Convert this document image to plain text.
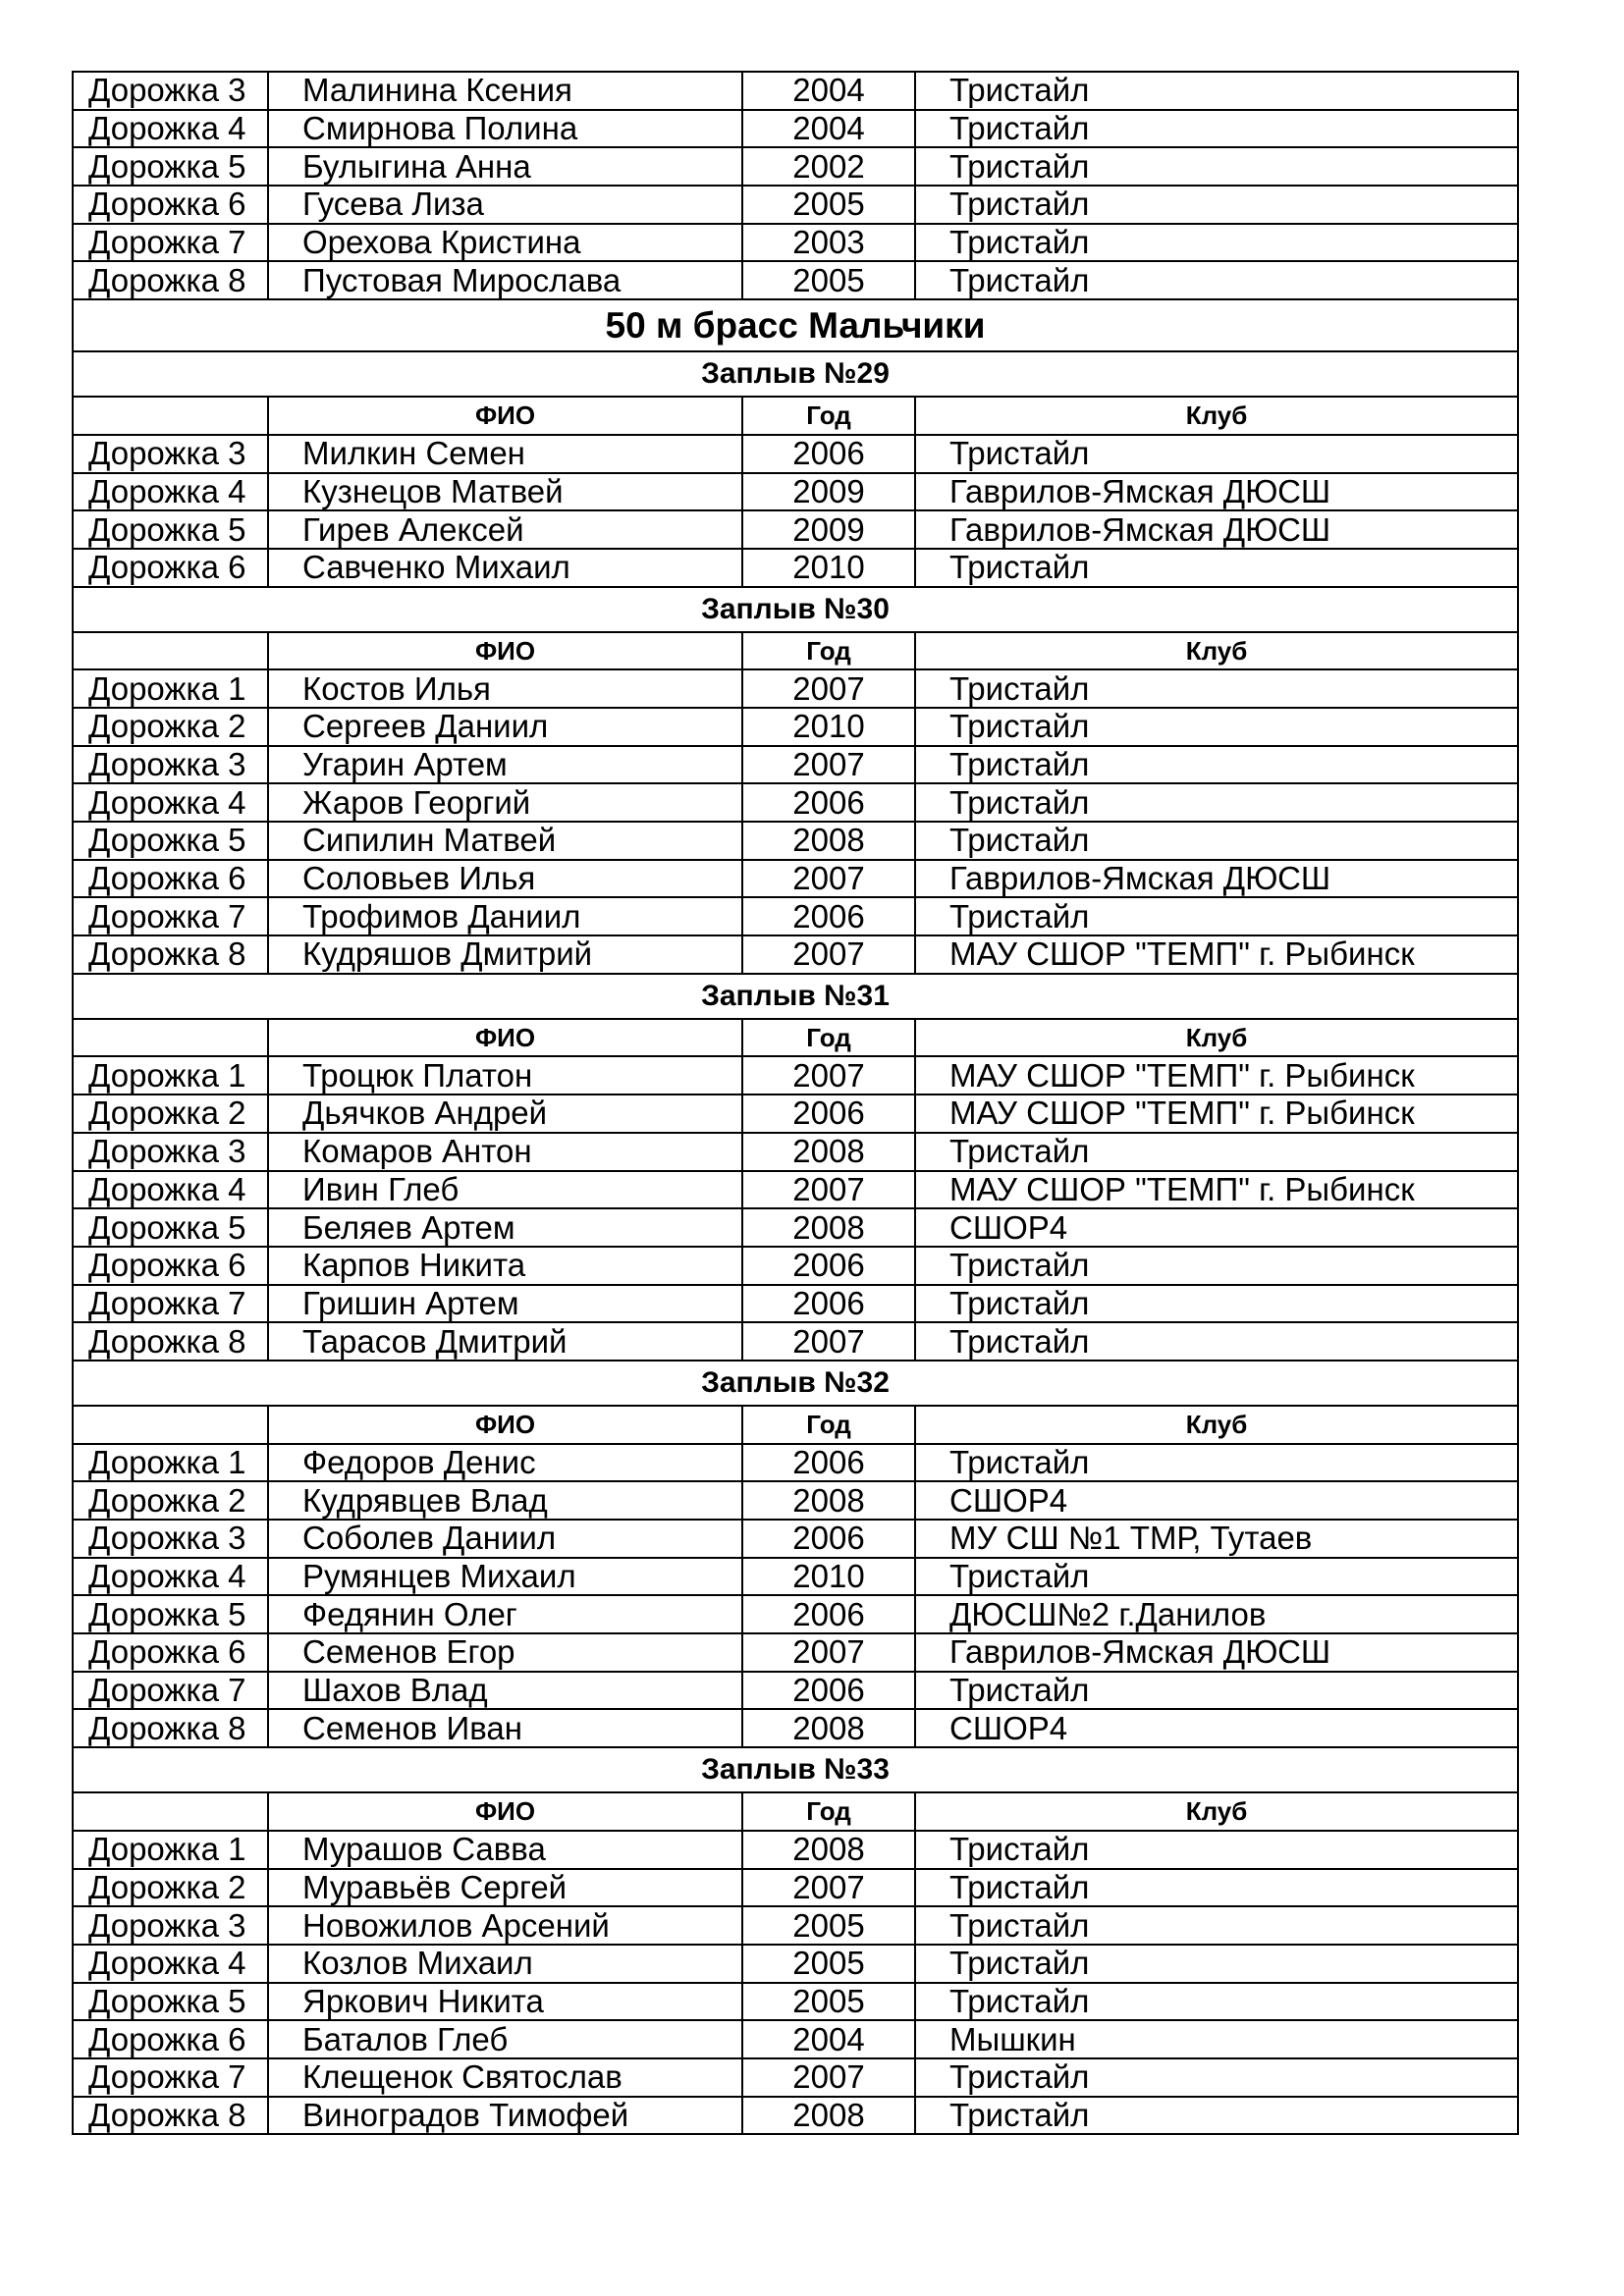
Дорожка 3	Малинина Ксения	2004	Тристайл
Дорожка 4	Смирнова Полина	2004	Тристайл
Дорожка 5	Булыгина Анна	2002	Тристайл
Дорожка 6	Гусева Лиза	2005	Тристайл
Дорожка 7	Орехова Кристина	2003	Тристайл
Дорожка 8	Пустовая Мирослава	2005	Тристайл
50 м брасс Мальчики			
Заплыв №29			
	ФИО	Год	Клуб
Дорожка 3	Милкин Семен	2006	Тристайл
Дорожка 4	Кузнецов Матвей	2009	Гаврилов-Ямская ДЮСШ
Дорожка 5	Гирев Алексей	2009	Гаврилов-Ямская ДЮСШ
Дорожка 6	Савченко Михаил	2010	Тристайл
Заплыв №30			
	ФИО	Год	Клуб
Дорожка 1	Костов Илья	2007	Тристайл
Дорожка 2	Сергеев Даниил	2010	Тристайл
Дорожка 3	Угарин Артем	2007	Тристайл
Дорожка 4	Жаров Георгий	2006	Тристайл
Дорожка 5	Сипилин Матвей	2008	Тристайл
Дорожка 6	Соловьев Илья	2007	Гаврилов-Ямская ДЮСШ
Дорожка 7	Трофимов Даниил	2006	Тристайл
Дорожка 8	Кудряшов Дмитрий	2007	МАУ СШОР "ТЕМП" г. Рыбинск
Заплыв №31			
	ФИО	Год	Клуб
Дорожка 1	Троцюк Платон	2007	МАУ СШОР "ТЕМП" г. Рыбинск
Дорожка 2	Дьячков Андрей	2006	МАУ СШОР "ТЕМП" г. Рыбинск
Дорожка 3	Комаров Антон	2008	Тристайл
Дорожка 4	Ивин Глеб	2007	МАУ СШОР "ТЕМП" г. Рыбинск
Дорожка 5	Беляев Артем	2008	СШОР4
Дорожка 6	Карпов Никита	2006	Тристайл
Дорожка 7	Гришин Артем	2006	Тристайл
Дорожка 8	Тарасов Дмитрий	2007	Тристайл
Заплыв №32			
	ФИО	Год	Клуб
Дорожка 1	Федоров Денис	2006	Тристайл
Дорожка 2	Кудрявцев Влад	2008	СШОР4
Дорожка 3	Соболев Даниил	2006	МУ СШ №1 ТМР, Тутаев
Дорожка 4	Румянцев Михаил	2010	Тристайл
Дорожка 5	Федянин Олег	2006	ДЮСШ№2 г.Данилов
Дорожка 6	Семенов Егор	2007	Гаврилов-Ямская ДЮСШ
Дорожка 7	Шахов Влад	2006	Тристайл
Дорожка 8	Семенов Иван	2008	СШОР4
Заплыв №33			
	ФИО	Год	Клуб
Дорожка 1	Мурашов Савва	2008	Тристайл
Дорожка 2	Муравьёв Сергей	2007	Тристайл
Дорожка 3	Новожилов Арсений	2005	Тристайл
Дорожка 4	Козлов Михаил	2005	Тристайл
Дорожка 5	Яркович Никита	2005	Тристайл
Дорожка 6	Баталов Глеб	2004	Мышкин
Дорожка 7	Клещенок Святослав	2007	Тристайл
Дорожка 8	Виноградов Тимофей	2008	Тристайл
